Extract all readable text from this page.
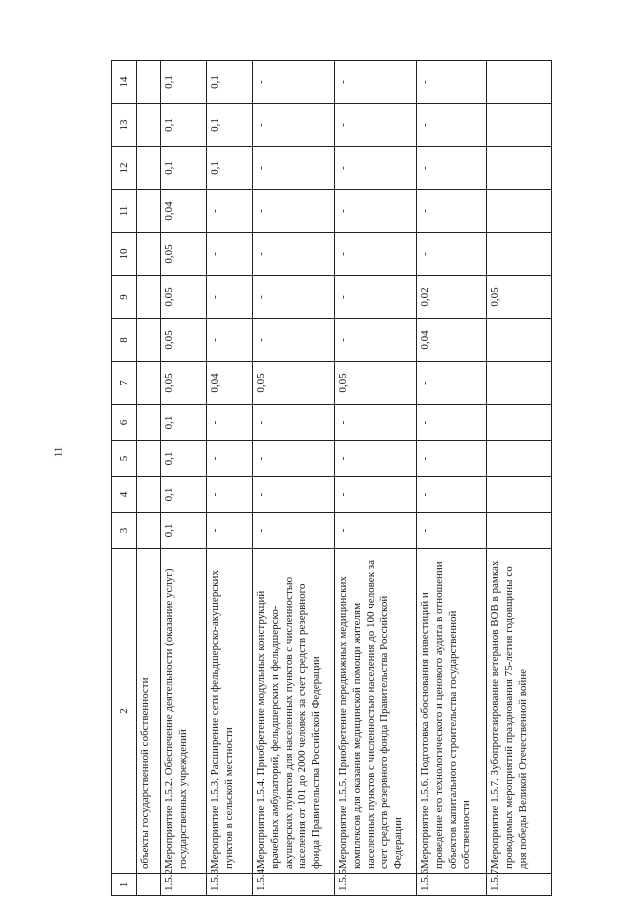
11
1	2	3	4	5	6	7	8	9	10	11	12	13	14
	объекты государственной собственности												
1.5.2.	Мероприятие 1.5.2. Обеспечение деятельности (оказание услуг) государственных учреждений	0,1	0,1	0,1	0,1	0,05	0,05	0,05	0,05	0,04	0,1	0,1	0,1
1.5.3.	Мероприятие 1.5.3. Расширение сети фельдшерско-акушерских пунктов в сельской местности	-	-	-	-	0,04	-	-	-	-	0,1	0,1	0,1
1.5.4.	Мероприятие 1.5.4. Приобретение модульных конструкций врачебных амбулаторий, фельдшерских и фельдшерско-акушерских пунктов для населенных пунктов с численностью населения от 101 до 2000 человек за счет средств резервного фонда Правительства Российской Федерации	-	-	-	-	0,05	-	-	-	-	-	-	-
1.5.5.	Мероприятие 1.5.5. Приобретение передвижных медицинских комплексов для оказания медицинской помощи жителям населенных пунктов с численностью населения до 100 человек за счет средств резервного фонда Правительства Российской Федерации	-	-	-	-	0,05	-	-	-	-	-	-	-
1.5.6.	Мероприятие 1.5.6. Подготовка обоснования инвестиций и проведение его технологического и ценового аудита в отношении объектов капитального строительства государственной собственности	-	-	-	-	-	0,04	0,02	-	-	-	-	-
1.5.7.	Мероприятие 1.5.7. Зубопротезирование ветеранов ВОВ в рамках проводимых мероприятий празднования 75-летия годовщины со дня победы Великой Отечественной войне							0,05					
